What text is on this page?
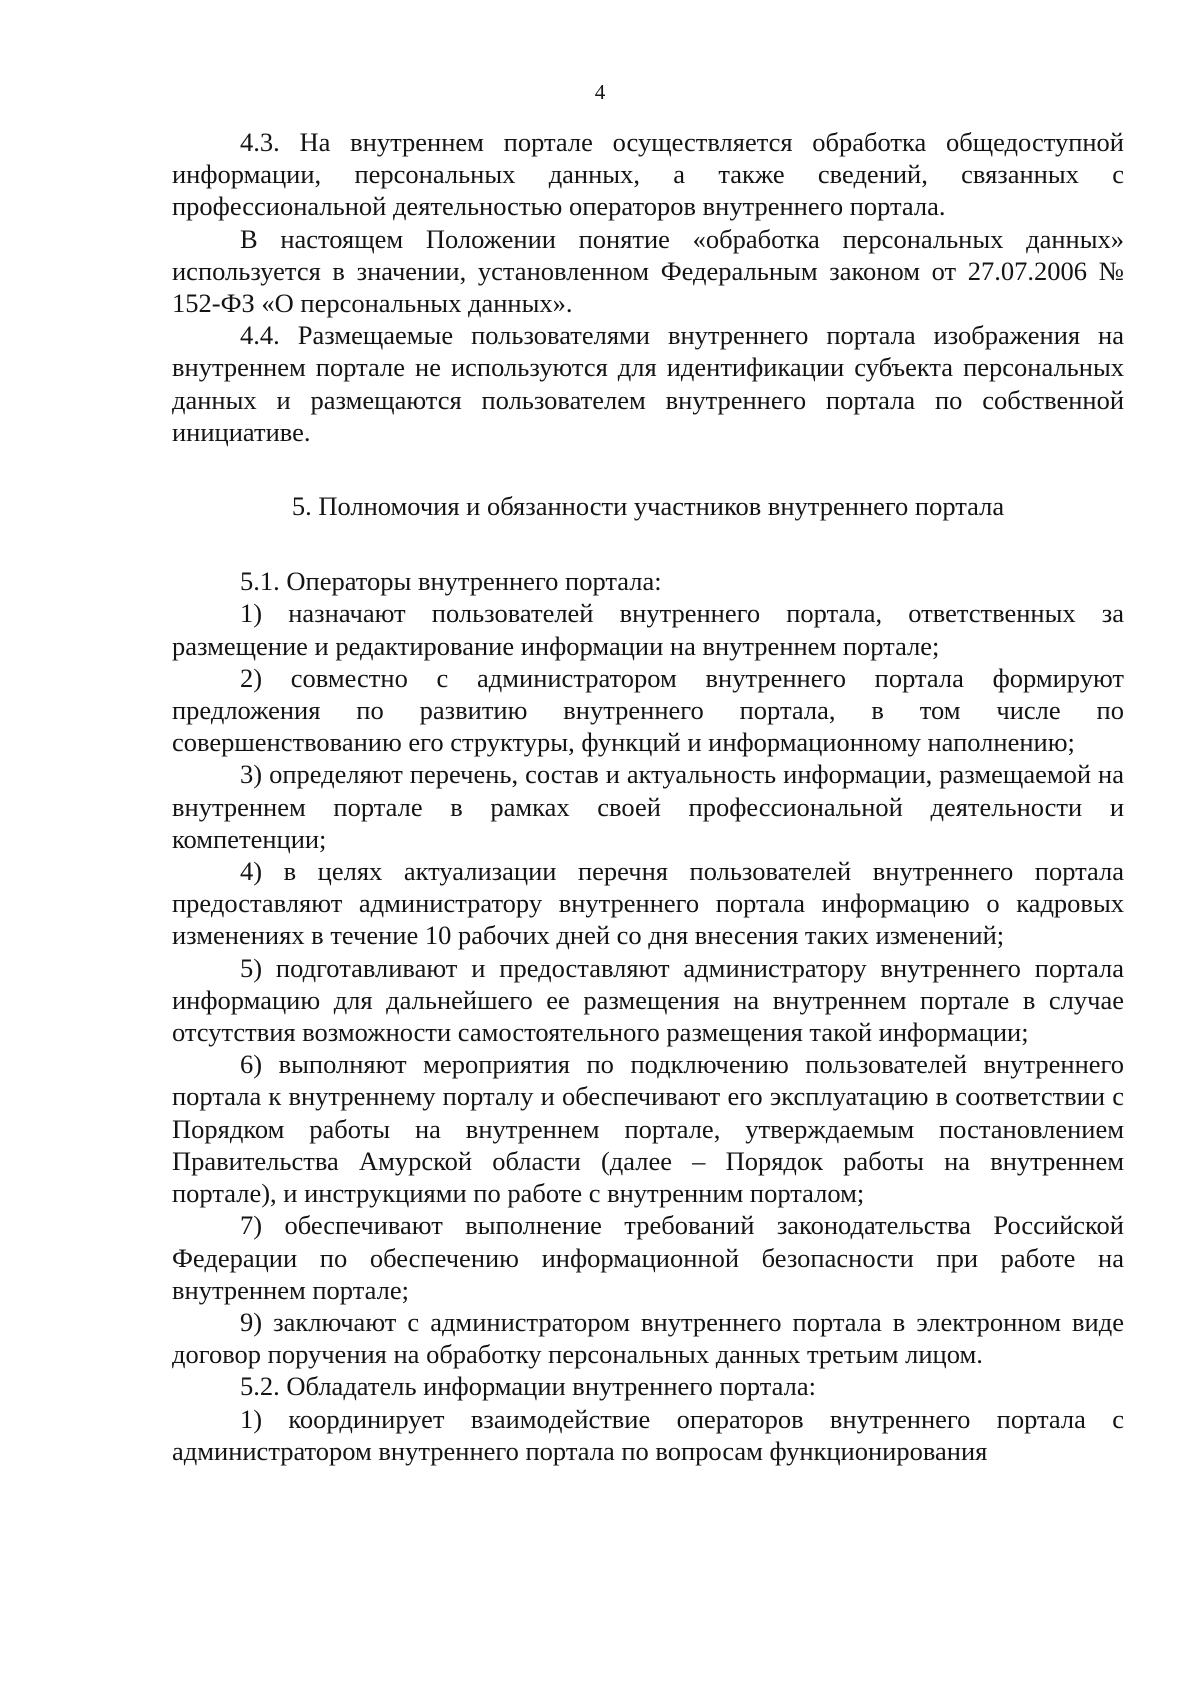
4

4.3. На внутреннем портале осуществляется обработка общедоступной информации, персональных данных, а также сведений, связанных с профессиональной деятельностью операторов внутреннего портала.

В настоящем Положении понятие «обработка персональных данных» используется в значении, установленном Федеральным законом от 27.07.2006 № 152-ФЗ «О персональных данных».

4.4. Размещаемые пользователями внутреннего портала изображения на внутреннем портале не используются для идентификации субъекта персональных данных и размещаются пользователем внутреннего портала по собственной инициативе.

5. Полномочия и обязанности участников внутреннего портала

5.1. Операторы внутреннего портала:

1) назначают пользователей внутреннего портала, ответственных за размещение и редактирование информации на внутреннем портале;

2) совместно с администратором внутреннего портала формируют предложения по развитию внутреннего портала, в том числе по совершенствованию его структуры, функций и информационному наполнению;

3) определяют перечень, состав и актуальность информации, размещаемой на внутреннем портале в рамках своей профессиональной деятельности и компетенции;

4) в целях актуализации перечня пользователей внутреннего портала предоставляют администратору внутреннего портала информацию о кадровых изменениях в течение 10 рабочих дней со дня внесения таких изменений;

5) подготавливают и предоставляют администратору внутреннего портала информацию для дальнейшего ее размещения на внутреннем портале в случае отсутствия возможности самостоятельного размещения такой информации;

6) выполняют мероприятия по подключению пользователей внутреннего портала к внутреннему порталу и обеспечивают его эксплуатацию в соответствии с Порядком работы на внутреннем портале, утверждаемым постановлением Правительства Амурской области (далее – Порядок работы на внутреннем портале), и инструкциями по работе с внутренним порталом;

7) обеспечивают выполнение требований законодательства Российской Федерации по обеспечению информационной безопасности при работе на внутреннем портале;

9) заключают с администратором внутреннего портала в электронном виде договор поручения на обработку персональных данных третьим лицом.

5.2. Обладатель информации внутреннего портала:

1) координирует взаимодействие операторов внутреннего портала с администратором внутреннего портала по вопросам функционирования
